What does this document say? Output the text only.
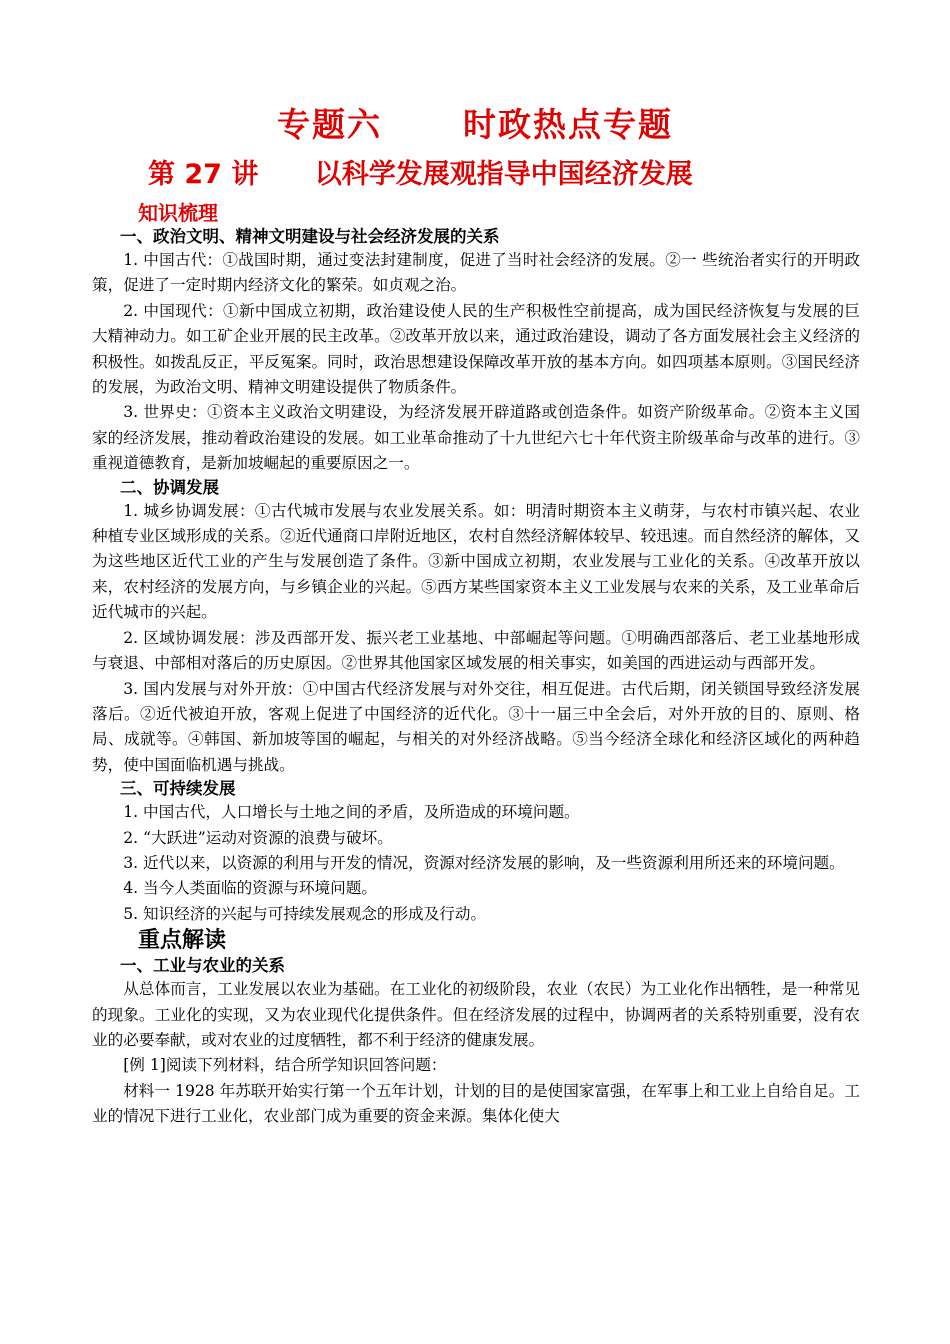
专题六      时政热点专题
第 27 讲      以科学发展观指导中国经济发展
知识梳理
一、政治文明、精神文明建设与社会经济发展的关系

1. 中国古代：①战国时期，通过变法封建制度，促进了当时社会经济的发展。②一 些统治者实行的开明政策，促进了一定时期内经济文化的繁荣。如贞观之治。

2. 中国现代：①新中国成立初期，政治建设使人民的生产积极性空前提高，成为国民经济恢复与发展的巨大精神动力。如工矿企业开展的民主改革。②改革开放以来，通过政治建设，调动了各方面发展社会主义经济的积极性。如拨乱反正，平反冤案。同时，政治思想建设保障改革开放的基本方向。如四项基本原则。③国民经济的发展，为政治文明、精神文明建设提供了物质条件。

3. 世界史：①资本主义政治文明建设，为经济发展开辟道路或创造条件。如资产阶级革命。②资本主义国家的经济发展，推动着政治建设的发展。如工业革命推动了十九世纪六七十年代资主阶级革命与改革的进行。③重视道德教育，是新加坡崛起的重要原因之一。

二、协调发展

1. 城乡协调发展：①古代城市发展与农业发展关系。如：明清时期资本主义萌芽，与农村市镇兴起、农业种植专业区域形成的关系。②近代通商口岸附近地区，农村自然经济解体较早、较迅速。而自然经济的解体，又为这些地区近代工业的产生与发展创造了条件。③新中国成立初期，农业发展与工业化的关系。④改革开放以来，农村经济的发展方向，与乡镇企业的兴起。⑤西方某些国家资本主义工业发展与农来的关系，及工业革命后近代城市的兴起。

2. 区域协调发展：涉及西部开发、振兴老工业基地、中部崛起等问题。①明确西部落后、老工业基地形成与衰退、中部相对落后的历史原因。②世界其他国家区域发展的相关事实，如美国的西进运动与西部开发。

3. 国内发展与对外开放：①中国古代经济发展与对外交往，相互促进。古代后期，闭关锁国导致经济发展落后。②近代被迫开放，客观上促进了中国经济的近代化。③十一届三中全会后，对外开放的目的、原则、格局、成就等。④韩国、新加坡等国的崛起，与相关的对外经济战略。⑤当今经济全球化和经济区域化的两种趋势，使中国面临机遇与挑战。

三、可持续发展

1. 中国古代，人口增长与土地之间的矛盾，及所造成的环境问题。

2. “大跃进”运动对资源的浪费与破坏。

3. 近代以来，以资源的利用与开发的情况，资源对经济发展的影响，及一些资源利用所还来的环境问题。

4. 当今人类面临的资源与环境问题。

5. 知识经济的兴起与可持续发展观念的形成及行动。

重点解读
一、工业与农业的关系

从总体而言，工业发展以农业为基础。在工业化的初级阶段，农业（农民）为工业化作出牺牲，是一种常见的现象。工业化的实现，又为农业现代化提供条件。但在经济发展的过程中，协调两者的关系特别重要，没有农业的必要奉献，或对农业的过度牺牲，都不利于经济的健康发展。

[例 1]阅读下列材料，结合所学知识回答问题：

材料一 1928 年苏联开始实行第一个五年计划，计划的目的是使国家富强，在军事上和工业上自给自足。工业的情况下进行工业化，农业部门成为重要的资金来源。集体化使大
